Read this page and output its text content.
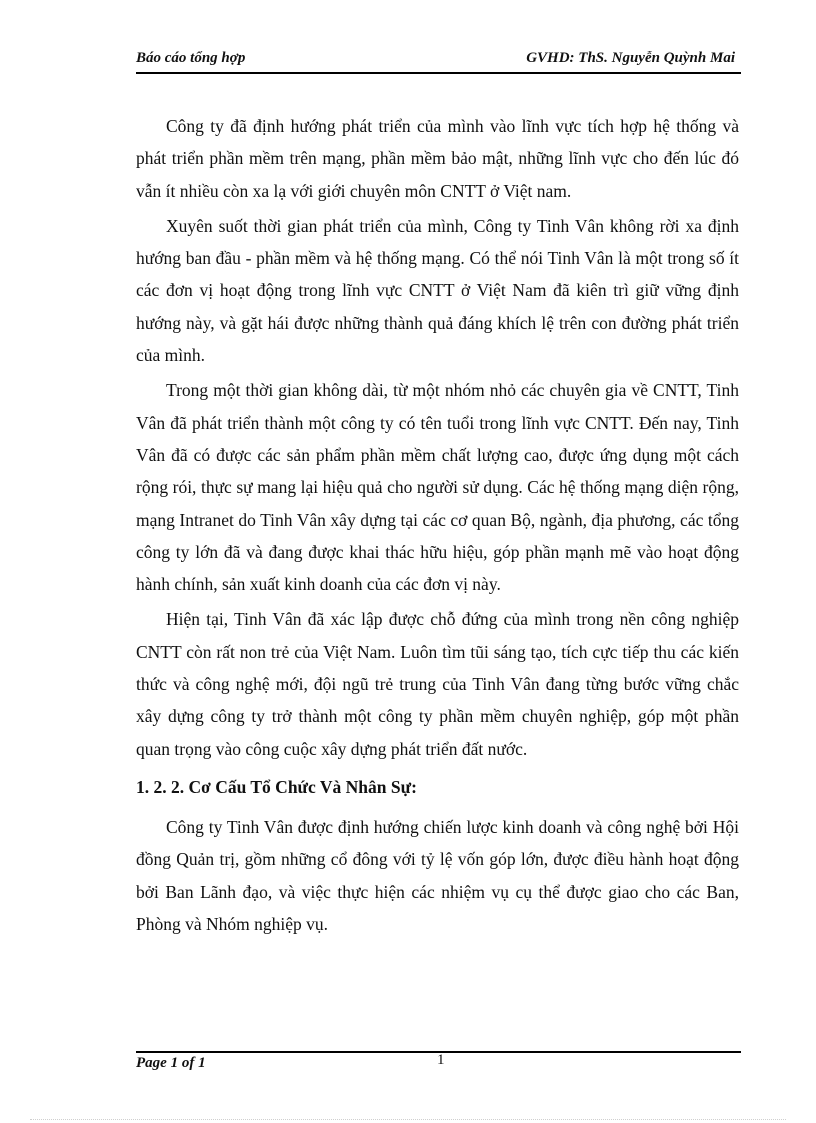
Báo cáo tổng hợp	GVHD: ThS. Nguyễn Quỳnh Mai

Công ty đã định hướng phát triển của mình vào lĩnh vực tích hợp hệ thống và phát triển phần mềm trên mạng, phần mềm bảo mật, những lĩnh vực cho đến lúc đó vẫn ít nhiều còn xa lạ với giới chuyên môn CNTT ở Việt nam.

Xuyên suốt thời gian phát triển của mình, Công ty Tinh Vân không rời xa định hướng ban đầu - phần mềm và hệ thống mạng. Có thể nói Tinh Vân là một trong số ít các đơn vị hoạt động trong lĩnh vực CNTT ở Việt Nam đã kiên trì giữ vững định hướng này, và gặt hái được những thành quả đáng khích lệ trên con đường phát triển của mình.

Trong một thời gian không dài, từ một nhóm nhỏ các chuyên gia về CNTT, Tinh Vân đã phát triển thành một công ty có tên tuổi trong lĩnh vực CNTT. Đến nay, Tinh Vân đã có được các sản phẩm phần mềm chất lượng cao, được ứng dụng một cách rộng rói, thực sự mang lại hiệu quả cho người sử dụng. Các hệ thống mạng diện rộng, mạng Intranet do Tinh Vân xây dựng tại các cơ quan Bộ, ngành, địa phương, các tổng công ty lớn đã và đang được khai thác hữu hiệu, góp phần mạnh mẽ vào hoạt động hành chính, sản xuất kinh doanh của các đơn vị này.

Hiện tại, Tinh Vân đã xác lập được chỗ đứng của mình trong nền công nghiệp CNTT còn rất non trẻ của Việt Nam. Luôn tìm tũi sáng tạo, tích cực tiếp thu các kiến thức và công nghệ mới, đội ngũ trẻ trung của Tinh Vân đang từng bước vững chắc xây dựng công ty trở thành một công ty phần mềm chuyên nghiệp, góp một phần quan trọng vào công cuộc xây dựng phát triển đất nước.

1. 2. 2. Cơ Cấu Tổ Chức Và Nhân Sự:

Công ty Tinh Vân được định hướng chiến lược kinh doanh và công nghệ bởi Hội đồng Quản trị, gồm những cổ đông với tỷ lệ vốn góp lớn, được điều hành hoạt động bởi Ban Lãnh đạo, và việc thực hiện các nhiệm vụ cụ thể được giao cho các Ban, Phòng và Nhóm nghiệp vụ.

Page 1 of 1	1
